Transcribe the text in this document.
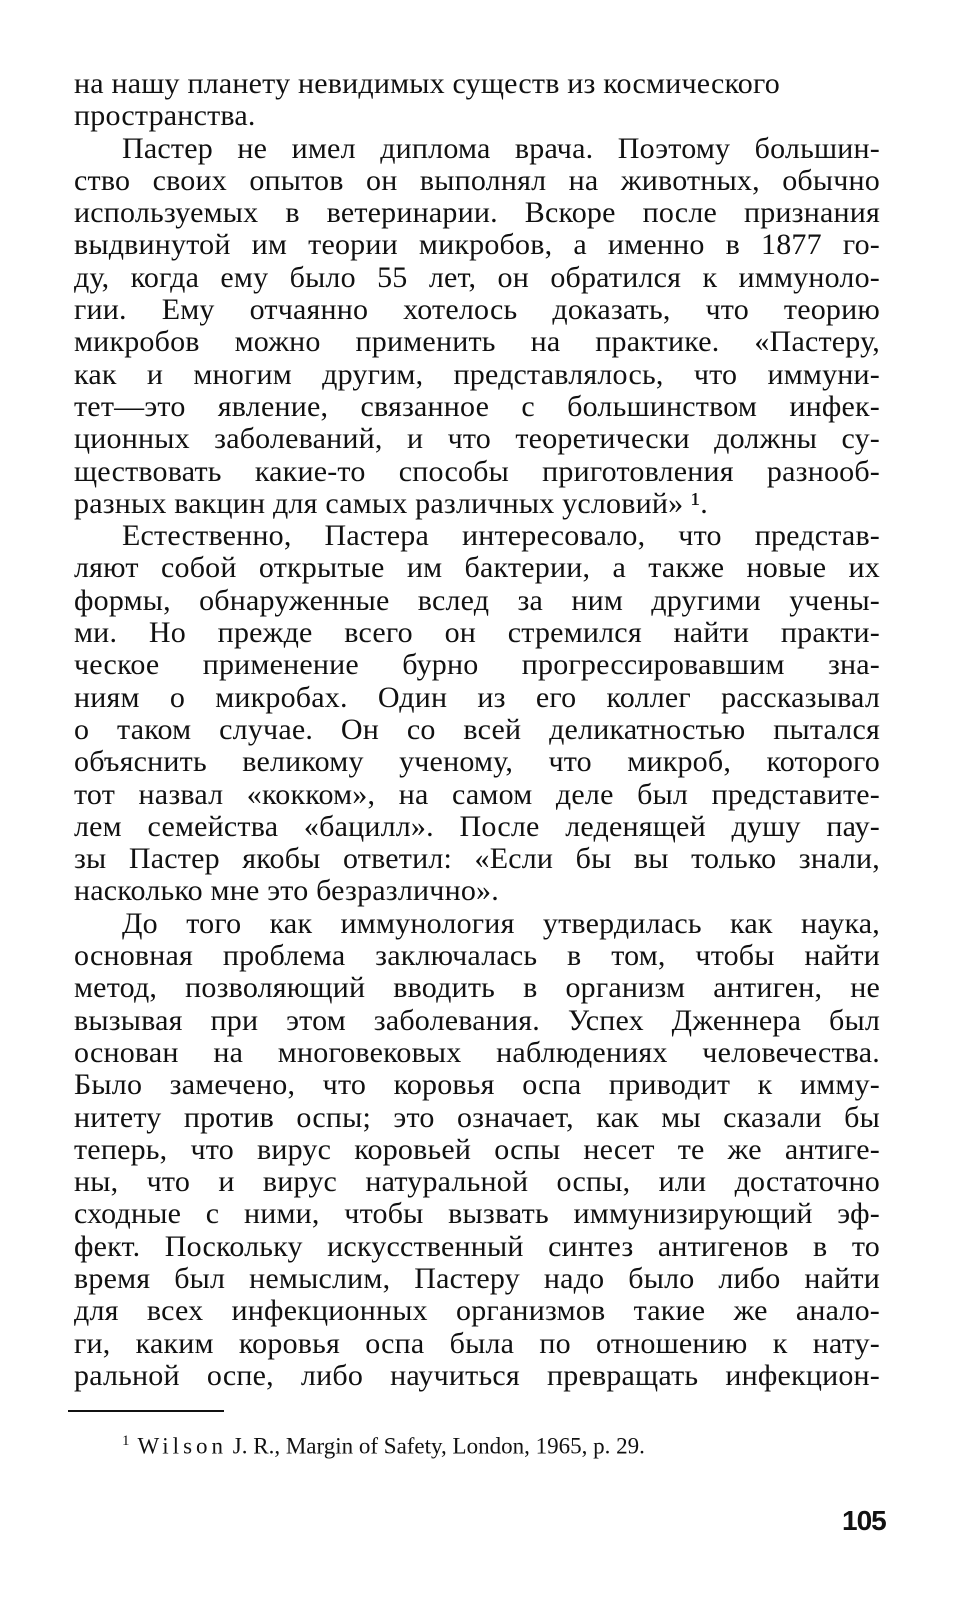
на нашу планету невидимых существ из космического
пространства.
Пастер не имел диплома врача. Поэтому большин-
ство своих опытов он выполнял на животных, обычно
используемых в ветеринарии. Вскоре после признания
выдвинутой им теории микробов, а именно в 1877 го-
ду, когда ему было 55 лет, он обратился к иммуноло-
гии. Ему отчаянно хотелось доказать, что теорию
микробов можно применить на практике. «Пастеру,
как и многим другим, представлялось, что иммуни-
тет—это явление, связанное с большинством инфек-
ционных заболеваний, и что теоретически должны су-
ществовать какие-то способы приготовления разнооб-
разных вакцин для самых различных условий» ¹.
Естественно, Пастера интересовало, что представ-
ляют собой открытые им бактерии, а также новые их
формы, обнаруженные вслед за ним другими учены-
ми. Но прежде всего он стремился найти практи-
ческое применение бурно прогрессировавшим зна-
ниям о микробах. Один из его коллег рассказывал
о таком случае. Он со всей деликатностью пытался
объяснить великому ученому, что микроб, которого
тот назвал «кокком», на самом деле был представите-
лем семейства «бацилл». После леденящей душу пау-
зы Пастер якобы ответил: «Если бы вы только знали,
насколько мне это безразлично».
До того как иммунология утвердилась как наука,
основная проблема заключалась в том, чтобы найти
метод, позволяющий вводить в организм антиген, не
вызывая при этом заболевания. Успех Дженнера был
основан на многовековых наблюдениях человечества.
Было замечено, что коровья оспа приводит к имму-
нитету против оспы; это означает, как мы сказали бы
теперь, что вирус коровьей оспы несет те же антиге-
ны, что и вирус натуральной оспы, или достаточно
сходные с ними, чтобы вызвать иммунизирующий эф-
фект. Поскольку искусственный синтез антигенов в то
время был немыслим, Пастеру надо было либо найти
для всех инфекционных организмов такие же анало-
ги, каким коровья оспа была по отношению к нату-
ральной оспе, либо научиться превращать инфекцион-
$^1$ Wilson J. R., Margin of Safety, London, 1965, p. 29.
105
